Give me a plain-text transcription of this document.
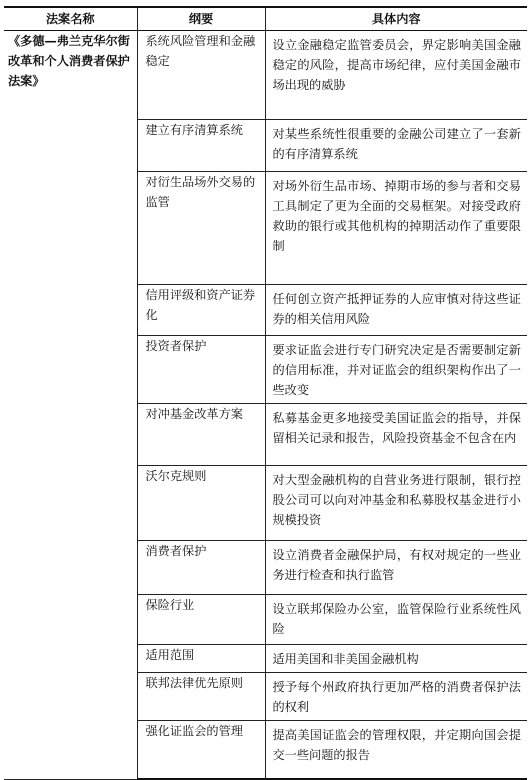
法案名称	纲要	具体内容
《多德—弗兰克华尔街改革和个人消费者保护法案》	系统风险管理和金融稳定	设立金融稳定监管委员会，界定影响美国金融稳定的风险，提高市场纪律，应付美国金融市场出现的威胁
	建立有序清算系统	对某些系统性很重要的金融公司建立了一套新的有序清算系统
	对衍生品场外交易的监管	对场外衍生品市场、掉期市场的参与者和交易工具制定了更为全面的交易框架。对接受政府救助的银行或其他机构的掉期活动作了重要限制
	信用评级和资产证券化	任何创立资产抵押证券的人应审慎对待这些证券的相关信用风险
	投资者保护	要求证监会进行专门研究决定是否需要制定新的信用标准，并对证监会的组织架构作出了一些改变
	对冲基金改革方案	私募基金更多地接受美国证监会的指导，并保留相关记录和报告，风险投资基金不包含在内
	沃尔克规则	对大型金融机构的自营业务进行限制，银行控股公司可以向对冲基金和私募股权基金进行小规模投资
	消费者保护	设立消费者金融保护局，有权对规定的一些业务进行检查和执行监管
	保险行业	设立联邦保险办公室，监管保险行业系统性风险
	适用范围	适用美国和非美国金融机构
	联邦法律优先原则	授予每个州政府执行更加严格的消费者保护法的权利
	强化证监会的管理	提高美国证监会的管理权限，并定期向国会提交一些问题的报告
